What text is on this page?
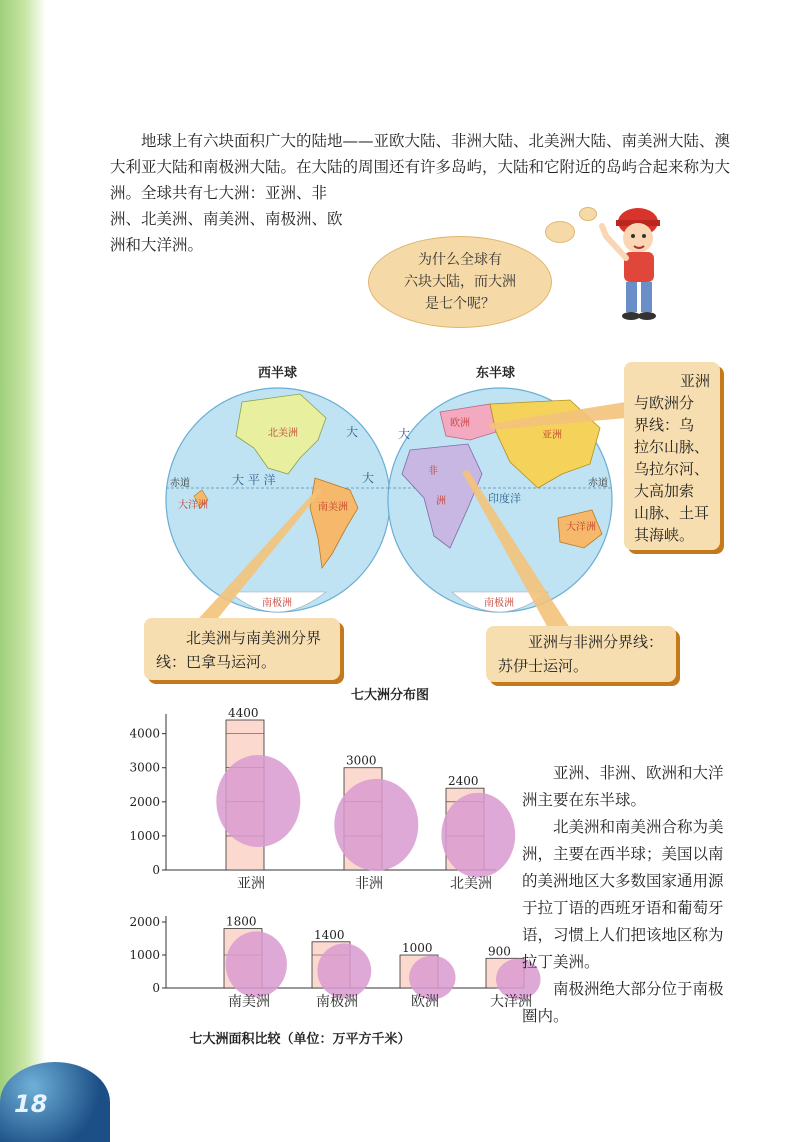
地球上有六块面积广大的陆地——亚欧大陆、非洲大陆、北美洲大陆、南美洲大陆、澳
大利亚大陆和南极洲大陆。在大陆的周围还有许多岛屿，大陆和它附近的岛屿合起来称为大
洲。全球共有七大洲：亚洲、非
洲、北美洲、南美洲、南极洲、欧
洲和大洋洲。
为什么全球有
六块大陆，而大洲
是七个呢？
西半球	东半球
北美洲
南美洲
大洋洲
南极洲
赤道
大
大 平 洋	大
欧洲
亚洲
非
洲
大洋洲
南极洲
赤道
印度洋
大
亚洲
与欧洲分
界线：乌
拉尔山脉、
乌拉尔河、
大高加索
山脉、土耳
其海峡。
北美洲与南美洲分界
线：巴拿马运河。
亚洲与非洲分界线：
苏伊士运河。
七大洲分布图
0
1000
2000
3000
4000
4400
亚洲
3000
非洲
2400
北美洲
0
1000
2000	1800
南美洲
1400
南极洲
1000
欧洲
900
大洋洲
七大洲面积比较（单位：万平方千米）

亚洲、非洲、欧洲和大洋洲主要在东半球。

北美洲和南美洲合称为美洲，主要在西半球；美国以南的美洲地区大多数国家通用源于拉丁语的西班牙语和葡萄牙语，习惯上人们把该地区称为拉丁美洲。

南极洲绝大部分位于南极圈内。

18
